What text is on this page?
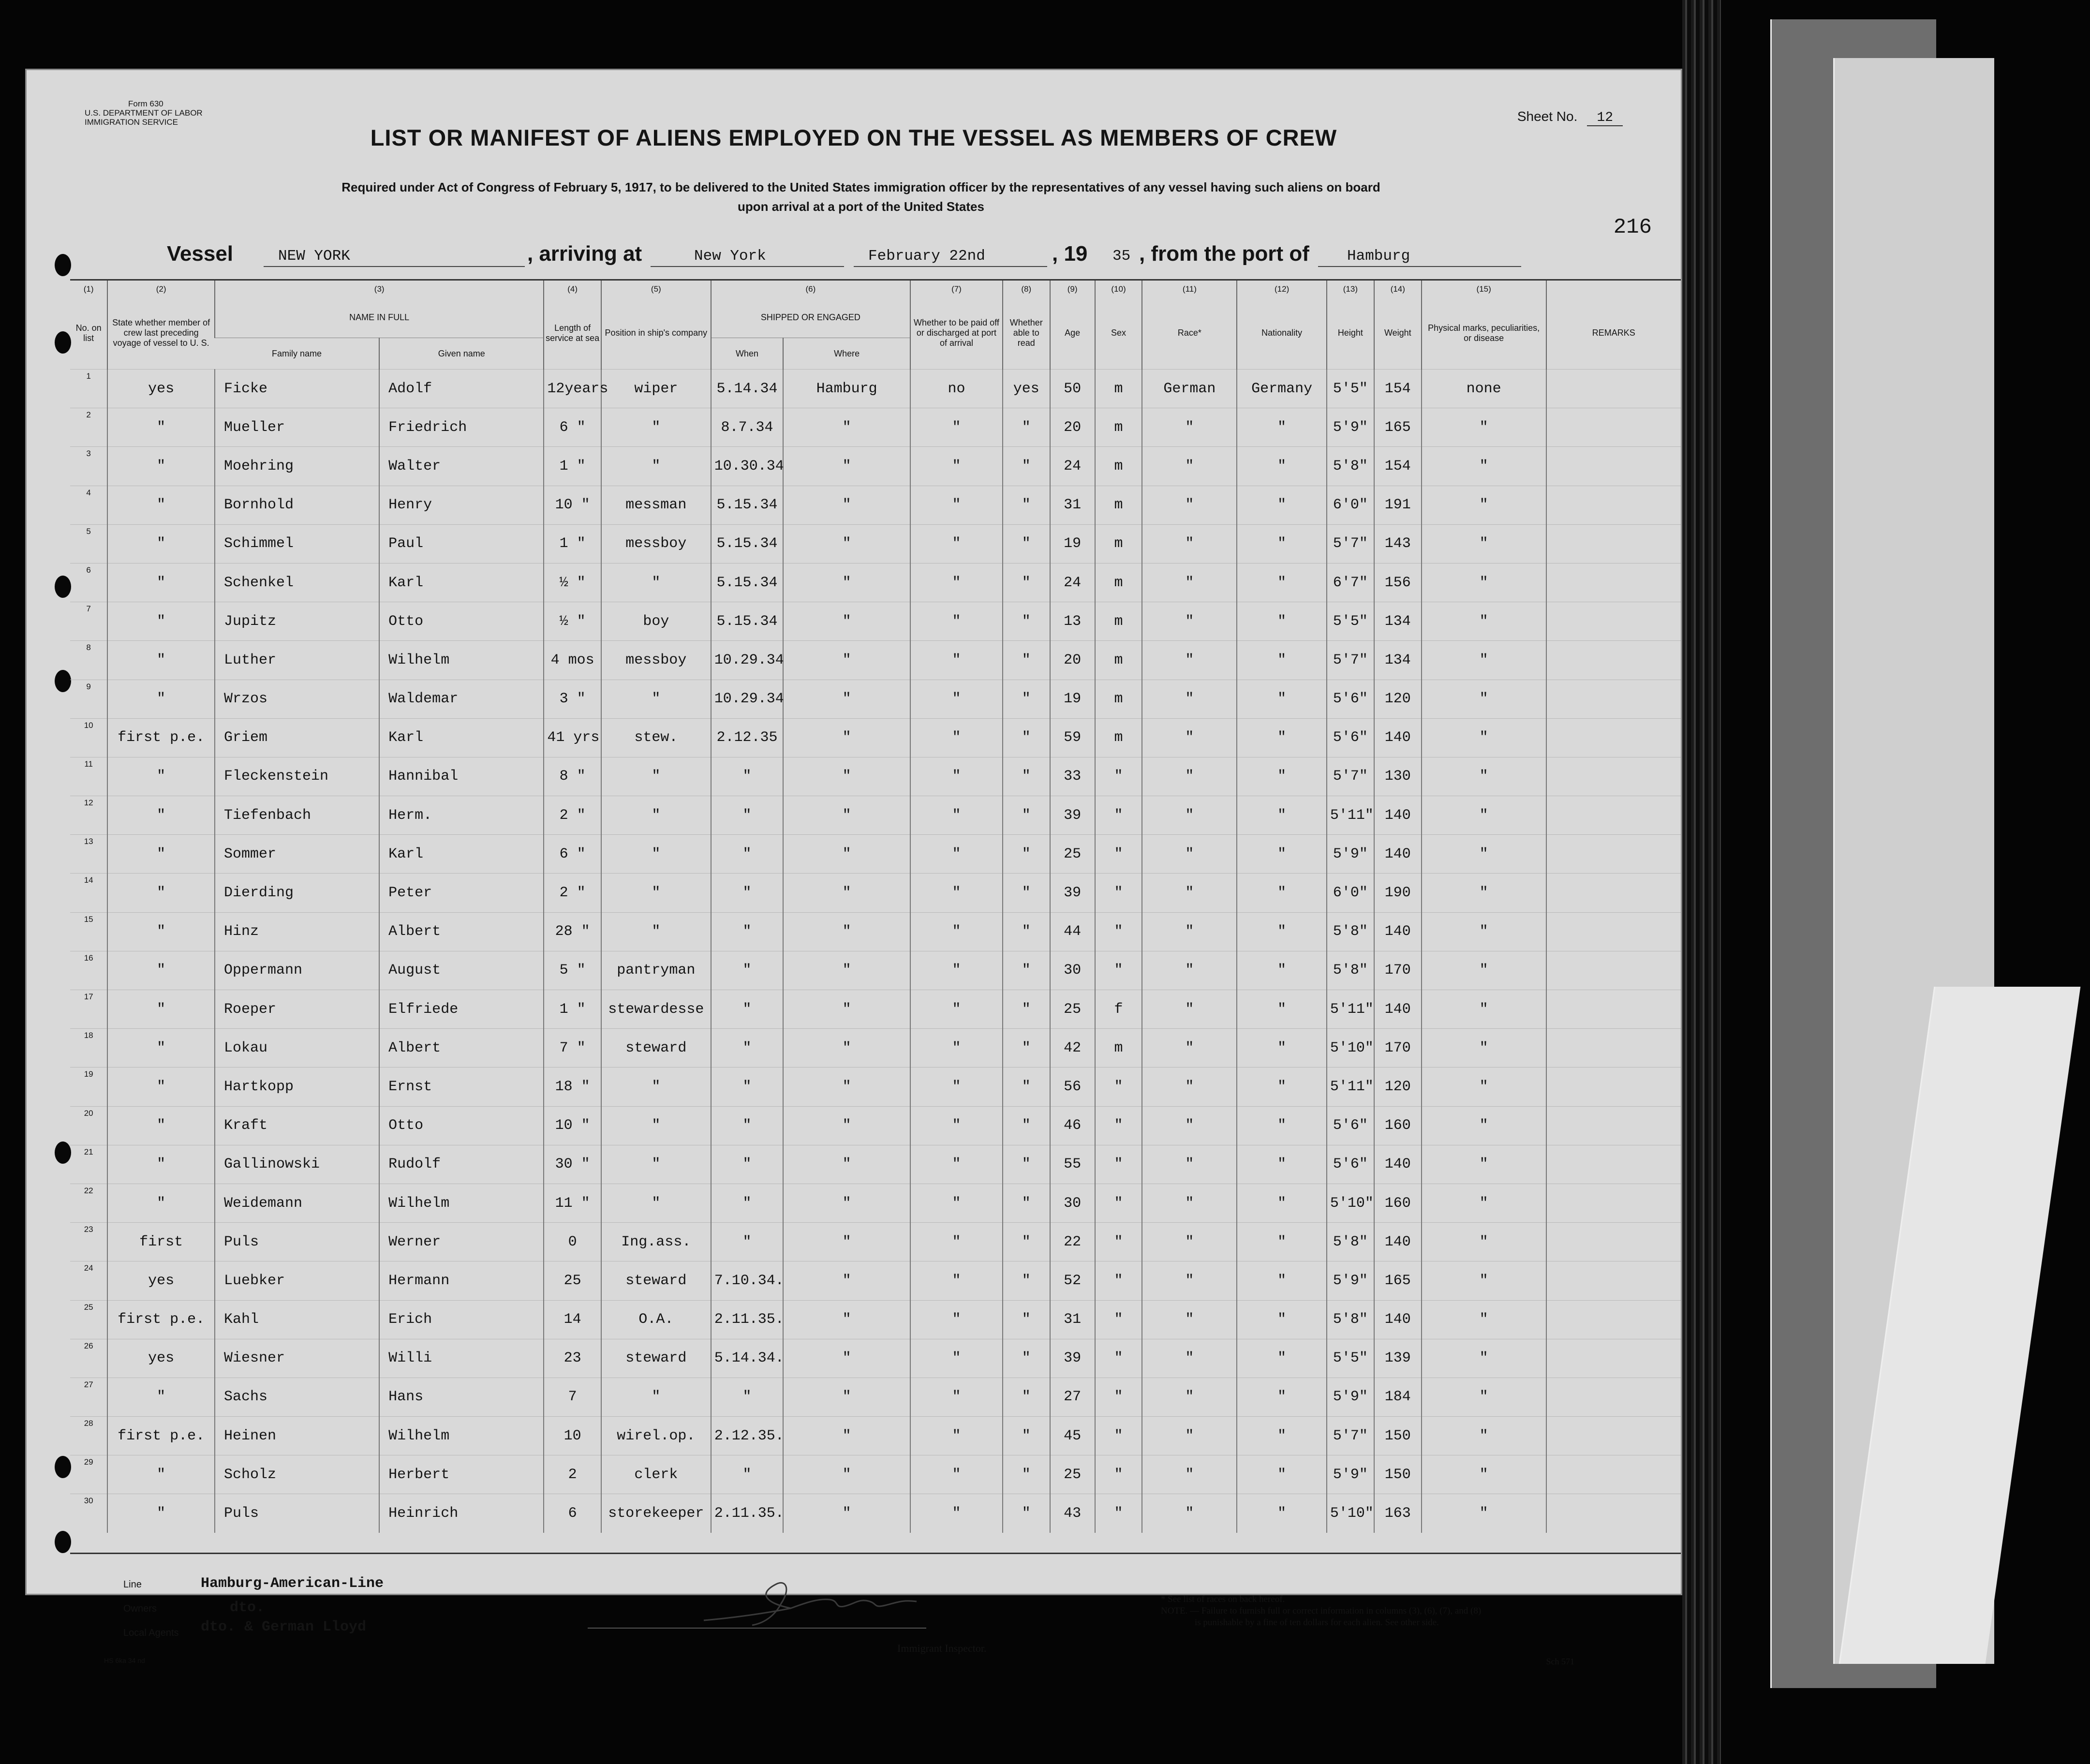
Form 630
U.S. DEPARTMENT OF LABOR
IMMIGRATION SERVICE	Sheet No. 12
LIST OR MANIFEST OF ALIENS EMPLOYED ON THE VESSEL AS MEMBERS OF CREW
Required under Act of Congress of February 5, 1917, to be delivered to the United States immigration officer by the representatives of any vessel having such aliens on board
upon arrival at a port of the United States
216
Vessel	NEW YORK	, arriving at	New York	February 22nd	, 19 35 , from the port of	Hamburg
(1)	(2)	(3)		(4)	(5)	(6)		(7)	(8)	(9)	(10)	(11)	(12)	(13)	(14)	(15)	
No. on list	State whether member of crew last preceding voyage of vessel to U. S.	NAME IN FULL		Length of service at sea	Position in ship's company	SHIPPED OR ENGAGED		Whether to be paid off or discharged at port of arrival	Whether able to read	Age	Sex	Race*	Nationality	Height	Weight	Physical marks, peculiarities, or disease	REMARKS
		Family name	Given name			When	Where										
1	yes	Ficke	Adolf	12years	wiper	5.14.34	Hamburg	no	yes	50	m	German	Germany	5'5"	154	none	
2	"	Mueller	Friedrich	6 "	"	8.7.34	"	"	"	20	m	"	"	5'9"	165	"	
3	"	Moehring	Walter	1 "	"	10.30.34	"	"	"	24	m	"	"	5'8"	154	"	
4	"	Bornhold	Henry	10 "	messman	5.15.34	"	"	"	31	m	"	"	6'0"	191	"	
5	"	Schimmel	Paul	1 "	messboy	5.15.34	"	"	"	19	m	"	"	5'7"	143	"	
6	"	Schenkel	Karl	½ "	"	5.15.34	"	"	"	24	m	"	"	6'7"	156	"	
7	"	Jupitz	Otto	½ "	boy	5.15.34	"	"	"	13	m	"	"	5'5"	134	"	
8	"	Luther	Wilhelm	4 mos	messboy	10.29.34	"	"	"	20	m	"	"	5'7"	134	"	
9	"	Wrzos	Waldemar	3 "	"	10.29.34	"	"	"	19	m	"	"	5'6"	120	"	
10	first p.e.	Griem	Karl	41 yrs	stew.	2.12.35	"	"	"	59	m	"	"	5'6"	140	"	
11	"	Fleckenstein	Hannibal	8 "	"	"	"	"	"	33	"	"	"	5'7"	130	"	
12	"	Tiefenbach	Herm.	2 "	"	"	"	"	"	39	"	"	"	5'11"	140	"	
13	"	Sommer	Karl	6 "	"	"	"	"	"	25	"	"	"	5'9"	140	"	
14	"	Dierding	Peter	2 "	"	"	"	"	"	39	"	"	"	6'0"	190	"	
15	"	Hinz	Albert	28 "	"	"	"	"	"	44	"	"	"	5'8"	140	"	
16	"	Oppermann	August	5 "	pantryman	"	"	"	"	30	"	"	"	5'8"	170	"	
17	"	Roeper	Elfriede	1 "	stewardesse	"	"	"	"	25	f	"	"	5'11"	140	"	
18	"	Lokau	Albert	7 "	steward	"	"	"	"	42	m	"	"	5'10"	170	"	
19	"	Hartkopp	Ernst	18 "	"	"	"	"	"	56	"	"	"	5'11"	120	"	
20	"	Kraft	Otto	10 "	"	"	"	"	"	46	"	"	"	5'6"	160	"	
21	"	Gallinowski	Rudolf	30 "	"	"	"	"	"	55	"	"	"	5'6"	140	"	
22	"	Weidemann	Wilhelm	11 "	"	"	"	"	"	30	"	"	"	5'10"	160	"	
23	first	Puls	Werner	0	Ing.ass.	"	"	"	"	22	"	"	"	5'8"	140	"	
24	yes	Luebker	Hermann	25	steward	7.10.34.	"	"	"	52	"	"	"	5'9"	165	"	
25	first p.e.	Kahl	Erich	14	O.A.	2.11.35.	"	"	"	31	"	"	"	5'8"	140	"	
26	yes	Wiesner	Willi	23	steward	5.14.34.	"	"	"	39	"	"	"	5'5"	139	"	
27	"	Sachs	Hans	7	"	"	"	"	"	27	"	"	"	5'9"	184	"	
28	first p.e.	Heinen	Wilhelm	10	wirel.op.	2.12.35.	"	"	"	45	"	"	"	5'7"	150	"	
29	"	Scholz	Herbert	2	clerk	"	"	"	"	25	"	"	"	5'9"	150	"	
30	"	Puls	Heinrich	6	storekeeper	2.11.35.	"	"	"	43	"	"	"	5'10"	163	"	
Line	Hamburg-American-Line
Owners	dto.
Local Agents dto. & German Lloyd
Immigrant Inspector.
* See list of races on back hereof.
NOTE. — Failure to furnish full or correct information in columns (3), (6), (7), and (8)
is punishable by a fine of ten dollars for each alien. See other side.
HS 6ka 34 nd	Sch 571
